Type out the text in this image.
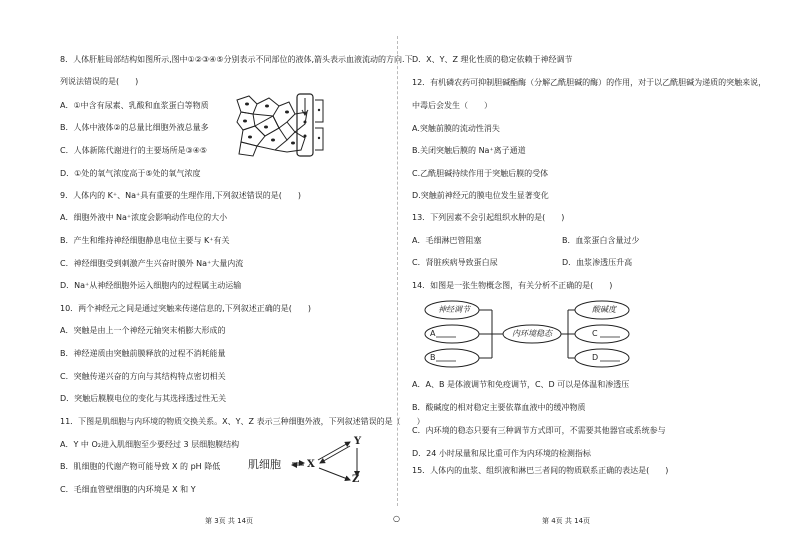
8．人体肝脏局部结构如图所示,图中①②③④⑤分别表示不同部位的液体,箭头表示血液流动的方向.下
列说法错误的是(　　)
A．①中含有尿素、乳酸和血浆蛋白等物质
B．人体中液体②的总量比细胞外液总量多
C．人体新陈代谢进行的主要场所是③④⑤
D．①处的氧气浓度高于⑤处的氧气浓度
9．人体内的 K⁺、Na⁺具有重要的生理作用,下列叙述错误的是(　　)
A．细胞外液中 Na⁺浓度会影响动作电位的大小
B．产生和维持神经细胞静息电位主要与 K⁺有关
C．神经细胞受到刺激产生兴奋时膜外 Na⁺大量内流
D．Na⁺从神经细胞外运入细胞内的过程属主动运输
10．两个神经元之间是通过突触来传递信息的,下列叙述正确的是(　　)
A．突触是由上一个神经元轴突末梢膨大形成的
B．神经递质由突触前膜释放的过程不消耗能量
C．突触传递兴奋的方向与其结构特点密切相关
D．突触后膜膜电位的变化与其选择透过性无关
11．下图是肌细胞与内环境的物质交换关系。X、Y、Z 表示三种细胞外液，下列叙述错误的是（　　）
A．Y 中 O₂进入肌细胞至少要经过 3 层细胞膜结构
B．肌细胞的代谢产物可能导致 X 的 pH 降低
C．毛细血管壁细胞的内环境是 X 和 Y
肌细胞	X
Y
Z
第 3页 共 14页	○
D．X、Y、Z 理化性质的稳定依赖于神经调节
12．有机磷农药可抑制胆碱酯酶（分解乙酰胆碱的酶）的作用，对于以乙酰胆碱为递质的突触来说，
中毒后会发生（　　）
A.突触前膜的流动性消失
B.关闭突触后膜的 Na⁺离子通道
C.乙酰胆碱持续作用于突触后膜的受体
D.突触前神经元的膜电位发生显著变化
13．下列因素不会引起组织水肿的是(　　)
A．毛细淋巴管阻塞	B．血浆蛋白含量过少
C．肾脏疾病导致蛋白尿	D．血浆渗透压升高
14．如图是一张生物概念图，有关分析不正确的是(　　)
A．A、B 是体液调节和免疫调节，C、D 可以是体温和渗透压
B．酸碱度的相对稳定主要依靠血液中的缓冲物质
C．内环境的稳态只要有三种调节方式即可，不需要其他器官或系统参与
D．24 小时尿量和尿比重可作为内环境的检测指标
15．人体内的血浆、组织液和淋巴三者间的物质联系正确的表达是(　　)
神经调节
A
B
内环境稳态
酸碱度
C
D
第 4页 共 14页
